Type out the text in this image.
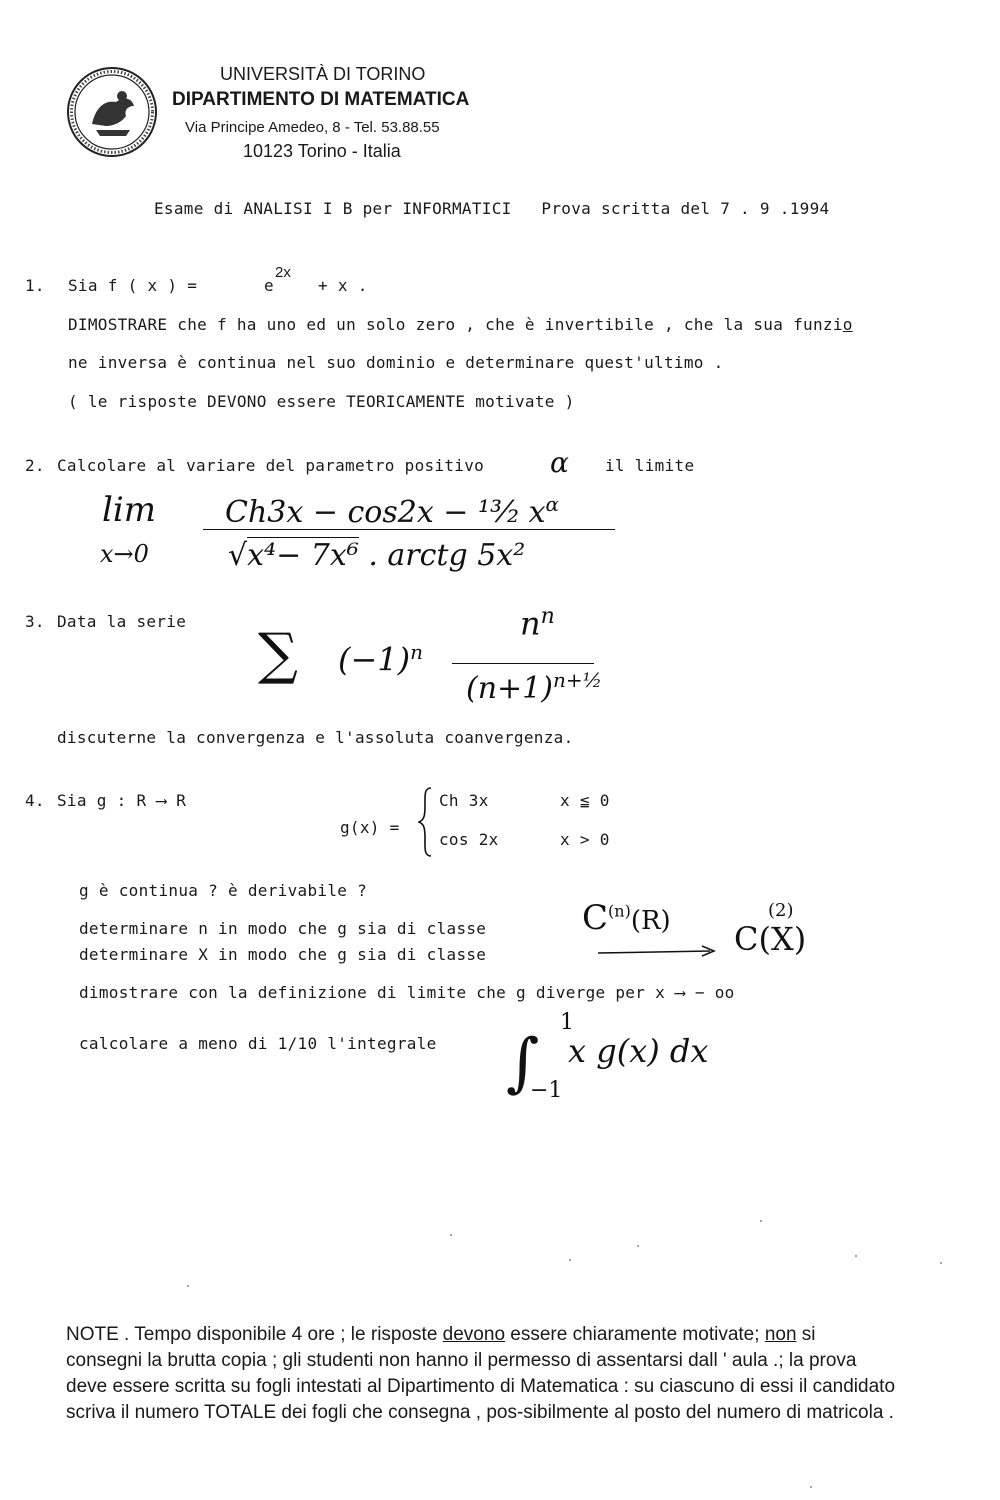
UNIVERSITÀ DI TORINO
DIPARTIMENTO DI MATEMATICA
Via Principe Amedeo, 8 - Tel. 53.88.55
10123 Torino - Italia
Esame di ANALISI I B per INFORMATICI Prova scritta del 7 . 9 .1994
1. Sia f ( x ) =	e
2x
+ x .
DIMOSTRARE che f ha uno ed un solo zero , che è invertibile , che la sua funzio
ne inversa è continua nel suo dominio e determinare quest'ultimo .
( le risposte DEVONO essere TEORICAMENTE motivate )
2. Calcolare al variare del parametro positivo α il limite
lim
x→0
Ch3x − cos2x − ¹³⁄₂ $x^\alpha$
√x⁴− 7x⁶ . arctg 5x²
3. Data la serie
∑ $(-1)^n$
$n^n$
$(n+1)^{n+\frac{1}{2}}$
discuterne la convergenza e l'assoluta coanvergenza.
4. Sia g : R ⟶ R
g(x) =
Ch 3x	x ≦ 0
cos 2x	x > 0
g è continua ? è derivabile ?
determinare n in modo che g sia di classe	$C^{(n)}(R)$
determinare X in modo che g sia di classe	C(X)
(2)
dimostrare con la definizione di limite che g diverge per x ⟶ − oo
calcolare a meno di 1/10 l'integrale ∫
1
−1
x g(x) dx
NOTE . Tempo disponibile 4 ore ; le risposte devono essere chiaramente motivate; non si consegni la brutta copia ; gli studenti non hanno il permesso di assentarsi dall ' aula .; la prova deve essere scritta su fogli intestati al Dipartimento di Matematica : su ciascuno di essi il candidato scriva il numero TOTALE dei fogli che consegna , pos-sibilmente al posto del numero di matricola .
